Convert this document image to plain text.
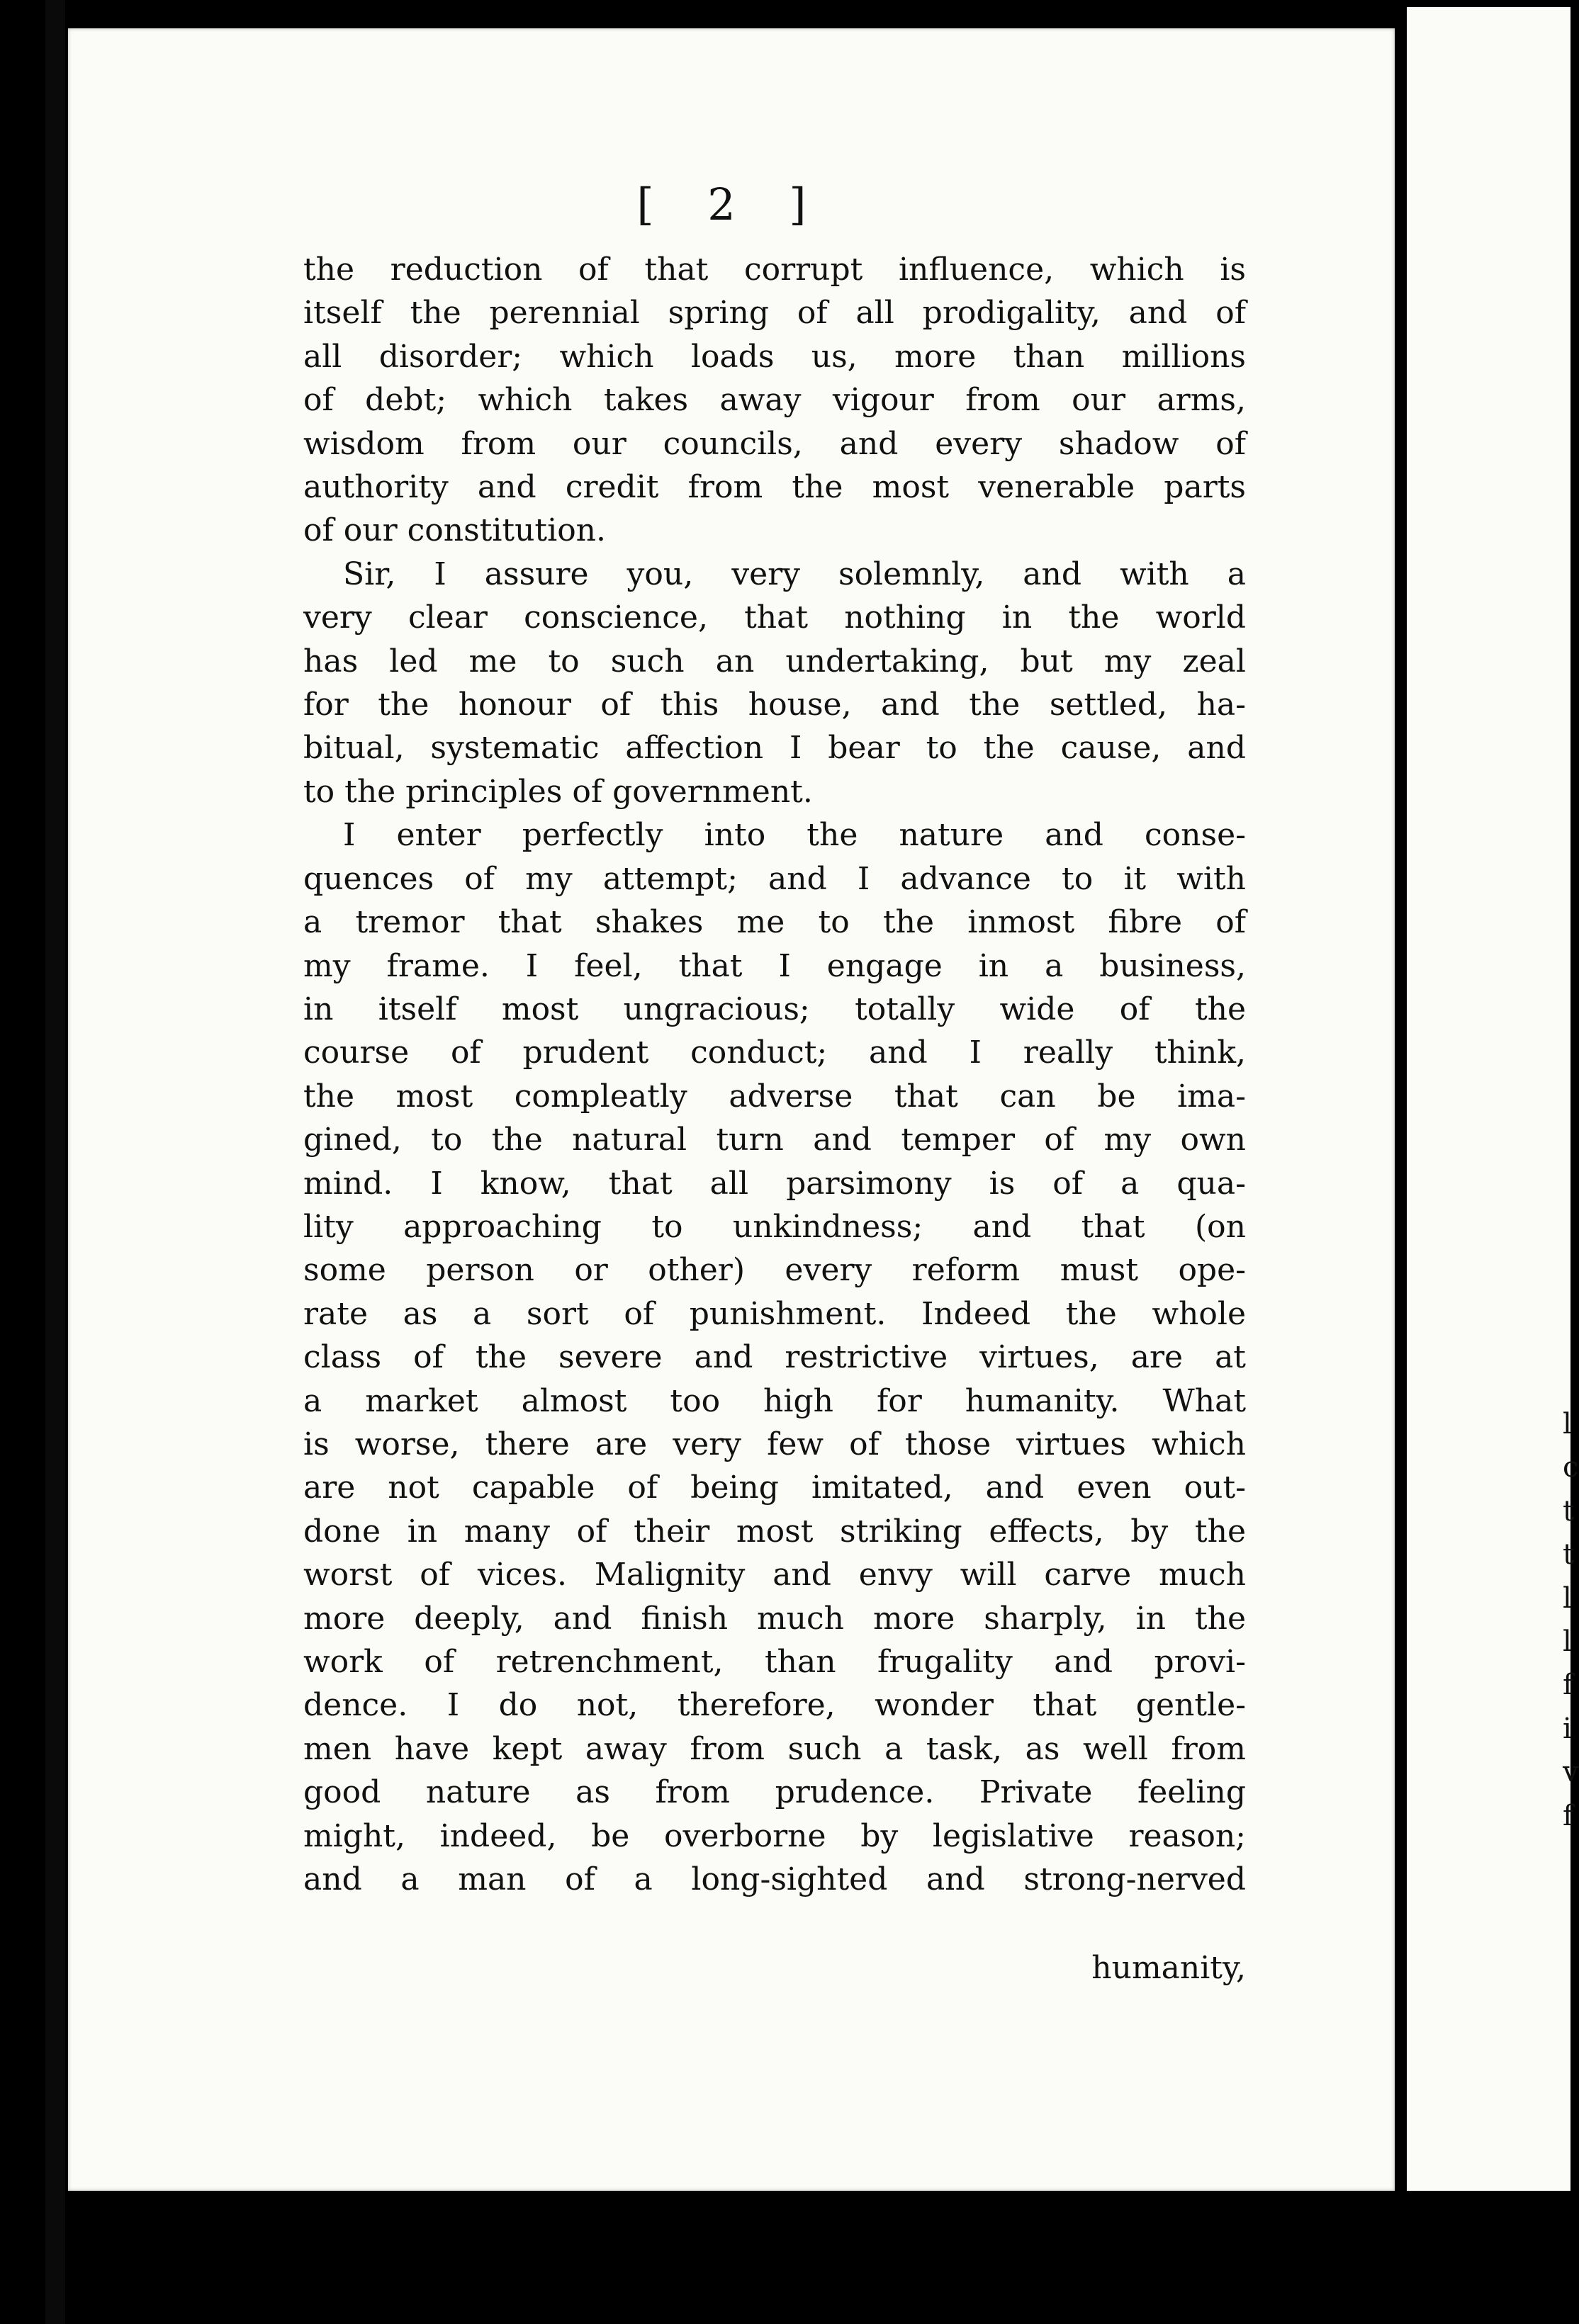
[ 2 ]
the reduction of that corrupt influence, which is
itself the perennial spring of all prodigality, and of
all disorder; which loads us, more than millions
of debt; which takes away vigour from our arms,
wisdom from our councils, and every shadow of
authority and credit from the most venerable parts
of our constitution.
Sir, I assure you, very solemnly, and with a
very clear conscience, that nothing in the world
has led me to such an undertaking, but my zeal
for the honour of this house, and the settled, ha-
bitual, systematic affection I bear to the cause, and
to the principles of government.
I enter perfectly into the nature and conse-
quences of my attempt; and I advance to it with
a tremor that shakes me to the inmost fibre of
my frame. I feel, that I engage in a business,
in itself most ungracious; totally wide of the
course of prudent conduct; and I really think,
the most compleatly adverse that can be ima-
gined, to the natural turn and temper of my own
mind. I know, that all parsimony is of a qua-
lity approaching to unkindness; and that (on
some person or other) every reform must ope-
rate as a sort of punishment. Indeed the whole
class of the severe and restrictive virtues, are at
a market almost too high for humanity. What
is worse, there are very few of those virtues which
are not capable of being imitated, and even out-
done in many of their most striking effects, by the
worst of vices. Malignity and envy will carve much
more deeply, and finish much more sharply, in the
work of retrenchment, than frugality and provi-
dence. I do not, therefore, wonder that gentle-
men have kept away from such a task, as well from
good nature as from prudence. Private feeling
might, indeed, be overborne by legislative reason;
and a man of a long-sighted and strong-nerved
humanity,
l
c
t
t
l
l
f
i
v
f
